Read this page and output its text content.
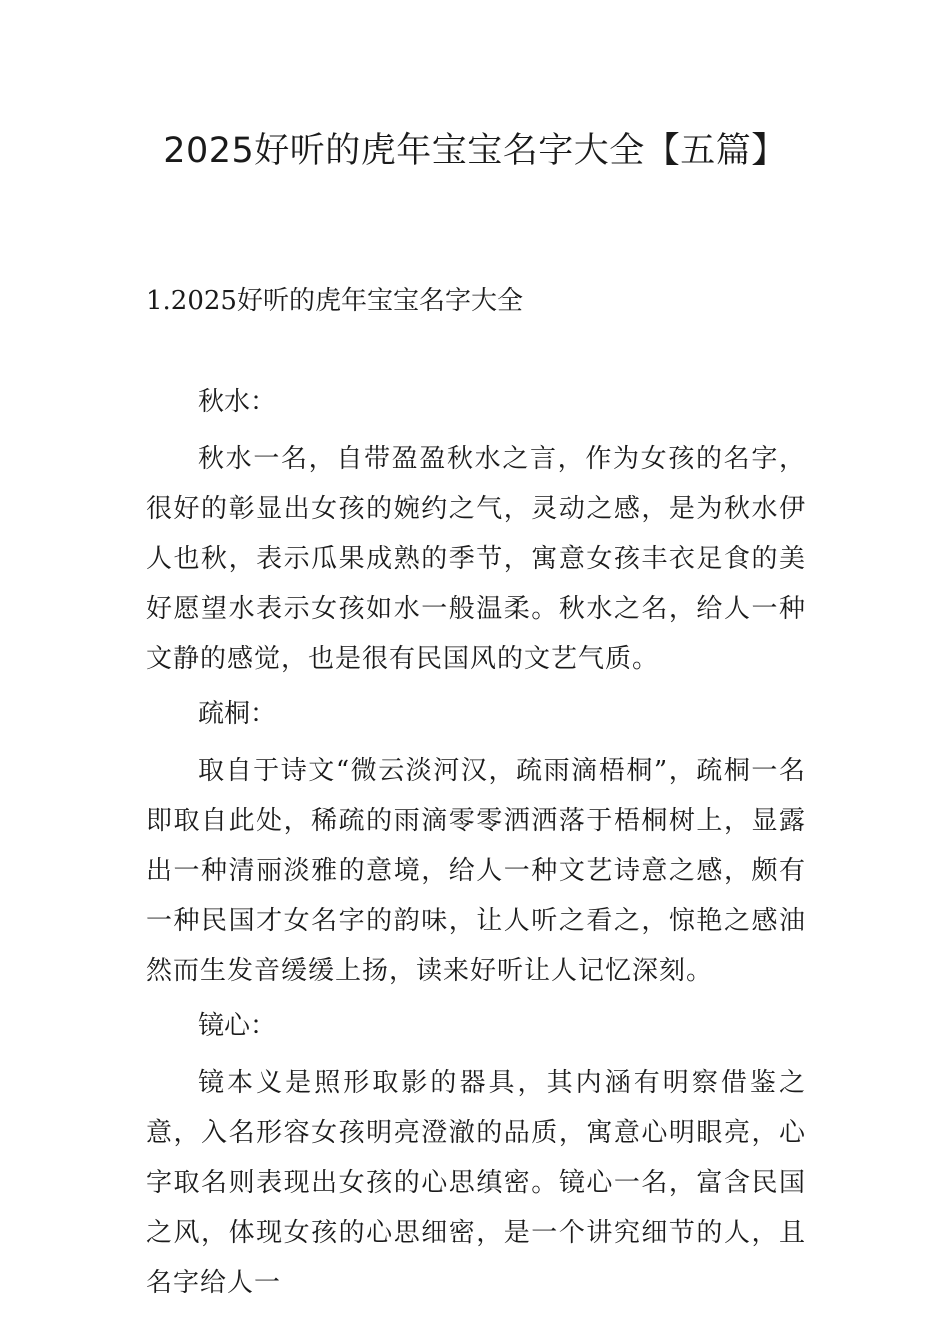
2025好听的虎年宝宝名字大全【五篇】
1.2025好听的虎年宝宝名字大全

秋水：

秋水一名，自带盈盈秋水之言，作为女孩的名字，很好的彰显出女孩的婉约之气，灵动之感，是为秋水伊人也秋，表示瓜果成熟的季节，寓意女孩丰衣足食的美好愿望水表示女孩如水一般温柔。秋水之名，给人一种文静的感觉，也是很有民国风的文艺气质。

疏桐：

取自于诗文“微云淡河汉，疏雨滴梧桐”，疏桐一名即取自此处，稀疏的雨滴零零洒洒落于梧桐树上，显露出一种清丽淡雅的意境，给人一种文艺诗意之感，颇有一种民国才女名字的韵味，让人听之看之，惊艳之感油然而生发音缓缓上扬，读来好听让人记忆深刻。

镜心：

镜本义是照形取影的器具，其内涵有明察借鉴之意，入名形容女孩明亮澄澈的品质，寓意心明眼亮，心字取名则表现出女孩的心思缜密。镜心一名，富含民国之风，体现女孩的心思细密，是一个讲究细节的人，且名字给人一
